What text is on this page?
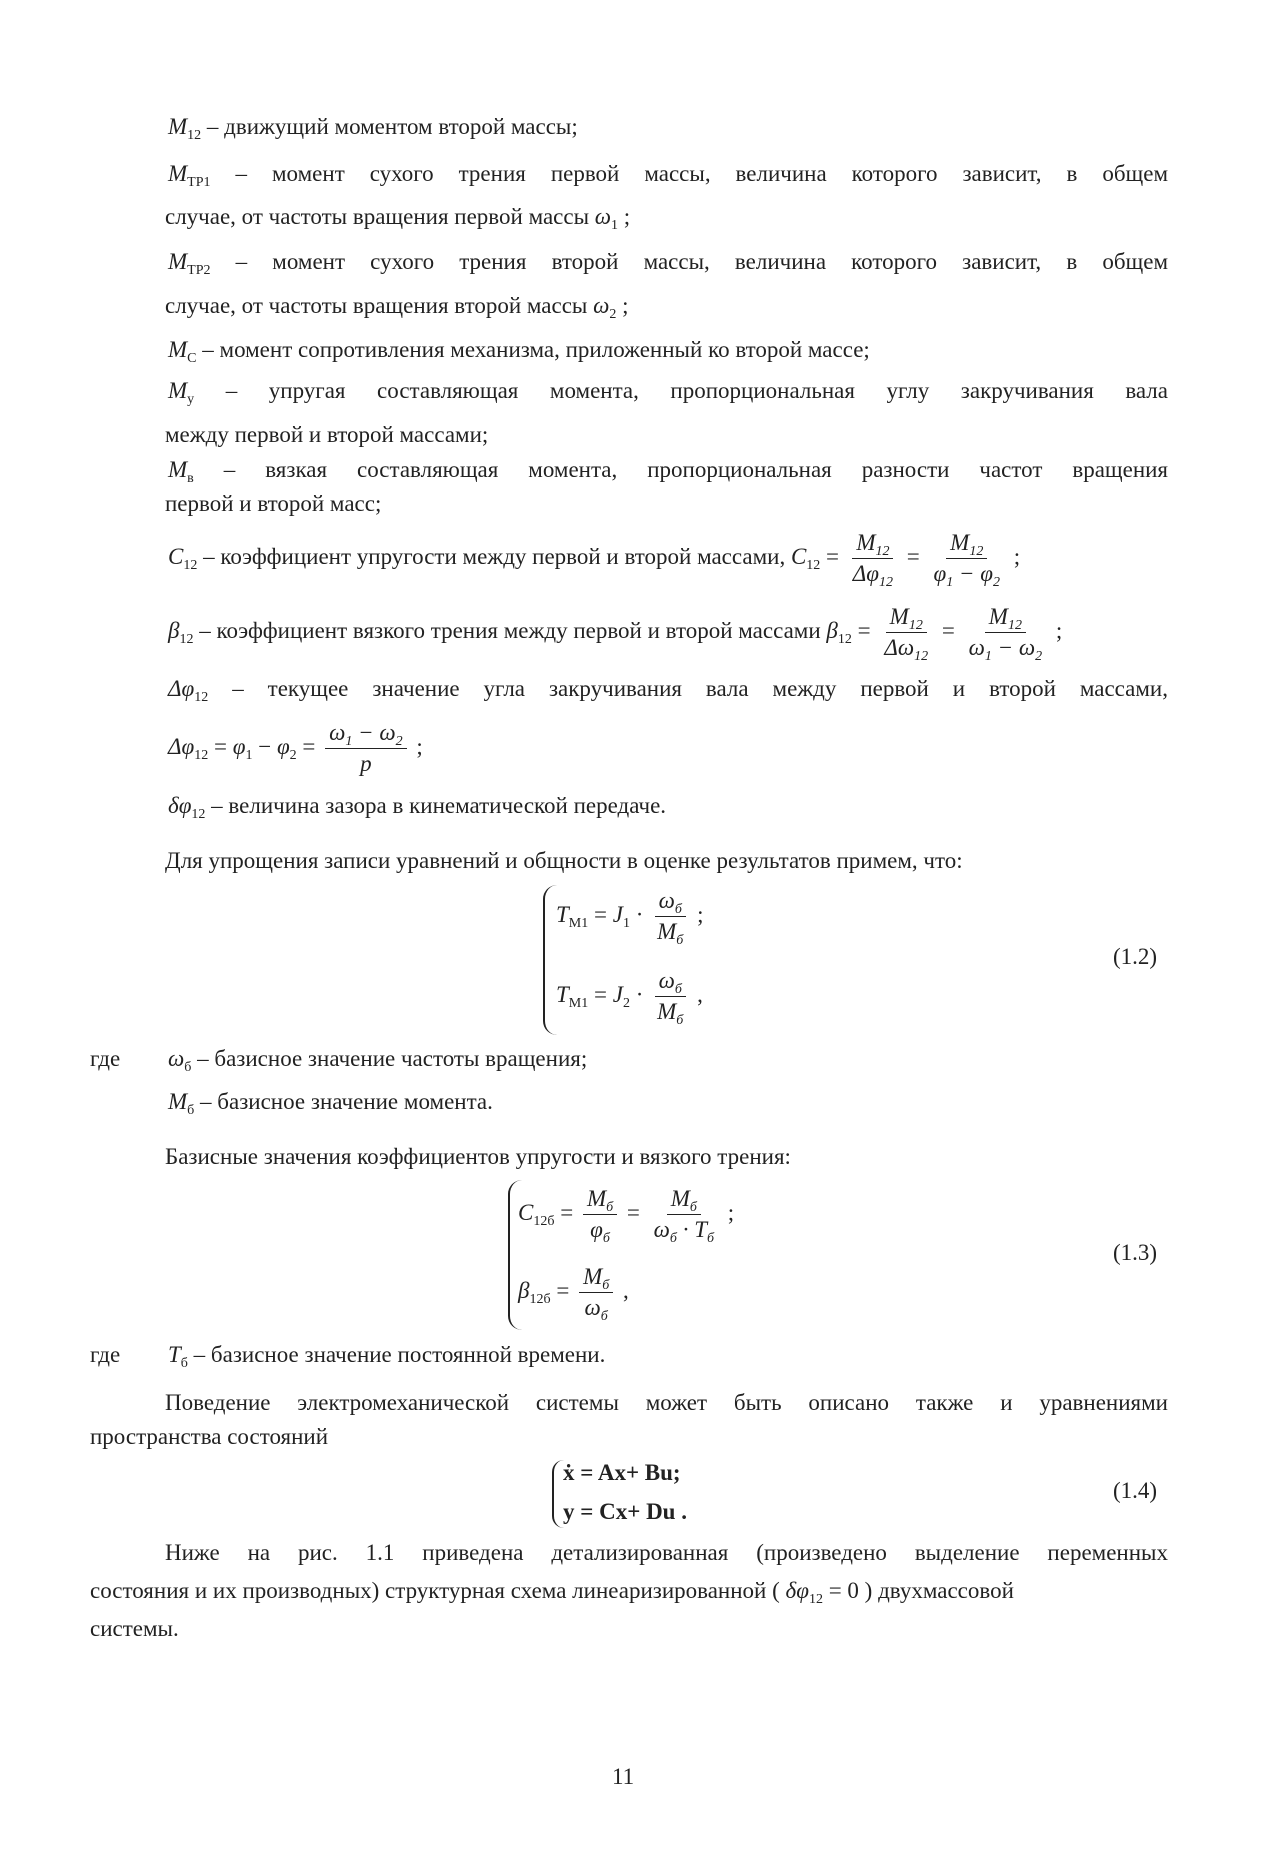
$M_{12}$ – движущий моментом второй массы;
$M_{TP1}$ – момент сухого трения первой массы, величина которого зависит, в общем
случае, от частоты вращения первой массы $\omega_1$ ;
$M_{TP2}$ – момент сухого трения второй массы, величина которого зависит, в общем
случае, от частоты вращения второй массы $\omega_2$ ;
$M_C$ – момент сопротивления механизма, приложенный ко второй массе;
$M_у$ – упругая составляющая момента, пропорциональная углу закручивания вала
между первой и второй массами;
$M_в$ – вязкая составляющая момента, пропорциональная разности частот вращения
первой и второй масс;
$C_{12}$ – коэффициент упругости между первой и второй массами, $C_{12} = \frac{M_{12}}{\Delta\varphi_{12}} = \frac{M_{12}}{\varphi_1 - \varphi_2}$ ;
$\beta_{12}$ – коэффициент вязкого трения между первой и второй массами $\beta_{12} = \frac{M_{12}}{\Delta\omega_{12}} = \frac{M_{12}}{\omega_1 - \omega_2}$ ;
$\Delta\varphi_{12}$ – текущее значение угла закручивания вала между первой и второй массами,
$\Delta\varphi_{12} = \varphi_1 - \varphi_2 = \frac{\omega_1 - \omega_2}{p}$ ;
$\delta\varphi_{12}$ – величина зазора в кинематической передаче.
Для упрощения записи уравнений и общности в оценке результатов примем, что:
$T_{M1} = J_1 \cdot \frac{\omega_б}{M_б}$ ;
$T_{M1} = J_2 \cdot \frac{\omega_б}{M_б}$ ,
(1.2)
где $\omega_б$ – базисное значение частоты вращения;
$M_б$ – базисное значение момента.
Базисные значения коэффициентов упругости и вязкого трения:
$C_{12б} = \frac{M_б}{\varphi_б} = \frac{M_б}{\omega_б \cdot T_б}$ ;
$\beta_{12б} = \frac{M_б}{\omega_б}$ ,
(1.3)
где $T_б$ – базисное значение постоянной времени.
Поведение электромеханической системы может быть описано также и уравнениями
пространства состояний
ẋ = Ax+ Bu;
y = Cx+ Du .
(1.4)
Ниже на рис. 1.1 приведена детализированная (произведено выделение переменных
состояния и их производных) структурная схема линеаризированной ( $\delta\varphi_{12} = 0$ ) двухмассовой
системы.
11
